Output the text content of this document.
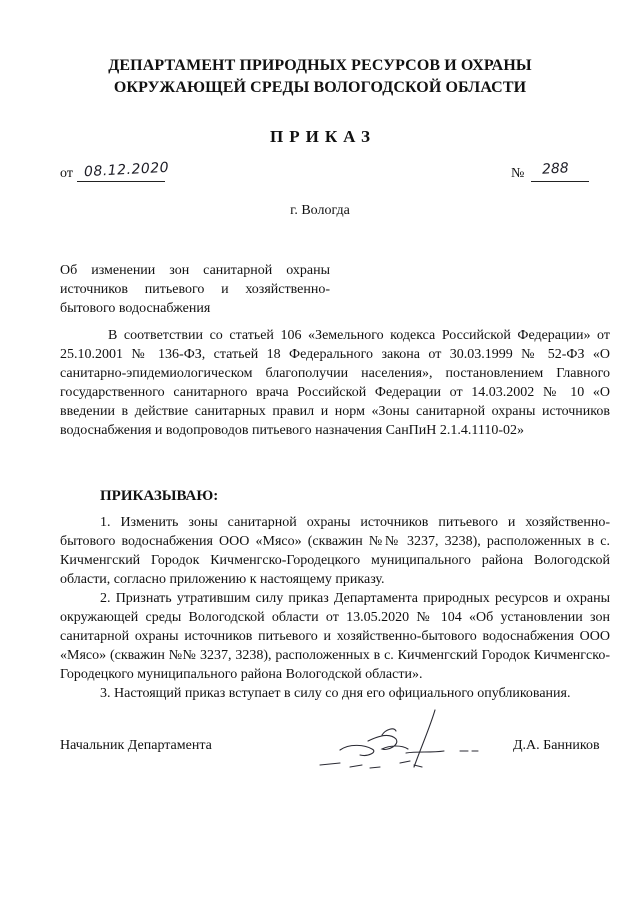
ДЕПАРТАМЕНТ ПРИРОДНЫХ РЕСУРСОВ И ОХРАНЫ
ОКРУЖАЮЩЕЙ СРЕДЫ ВОЛОГОДСКОЙ ОБЛАСТИ
ПРИКАЗ
от 08.12.2020	№ 288
г. Вологда
Об изменении зон санитарной охраны источников питьевого и хозяйственно-бытового водоснабжения
В соответствии со статьей 106 «Земельного кодекса Российской Федерации» от 25.10.2001 № 136-ФЗ, статьей 18 Федерального закона от 30.03.1999 № 52-ФЗ «О санитарно-эпидемиологическом благополучии населения», постановлением Главного государственного санитарного врача Российской Федерации от 14.03.2002 № 10 «О введении в действие санитарных правил и норм «Зоны санитарной охраны источников водоснабжения и водопроводов питьевого назначения СанПиН 2.1.4.1110-02»
ПРИКАЗЫВАЮ:

1. Изменить зоны санитарной охраны источников питьевого и хозяйственно-бытового водоснабжения ООО «Мясо» (скважин №№ 3237, 3238), расположенных в с. Кичменгский Городок Кичменгско-Городецкого муниципального района Вологодской области, согласно приложению к настоящему приказу.

2. Признать утратившим силу приказ Департамента природных ресурсов и охраны окружающей среды Вологодской области от 13.05.2020 № 104 «Об установлении зон санитарной охраны источников питьевого и хозяйственно-бытового водоснабжения ООО «Мясо» (скважин №№ 3237, 3238), расположенных в с. Кичменгский Городок Кичменгско-Городецкого муниципального района Вологодской области».

3. Настоящий приказ вступает в силу со дня его официального опубликования.

Начальник Департамента	Д.А. Банников
